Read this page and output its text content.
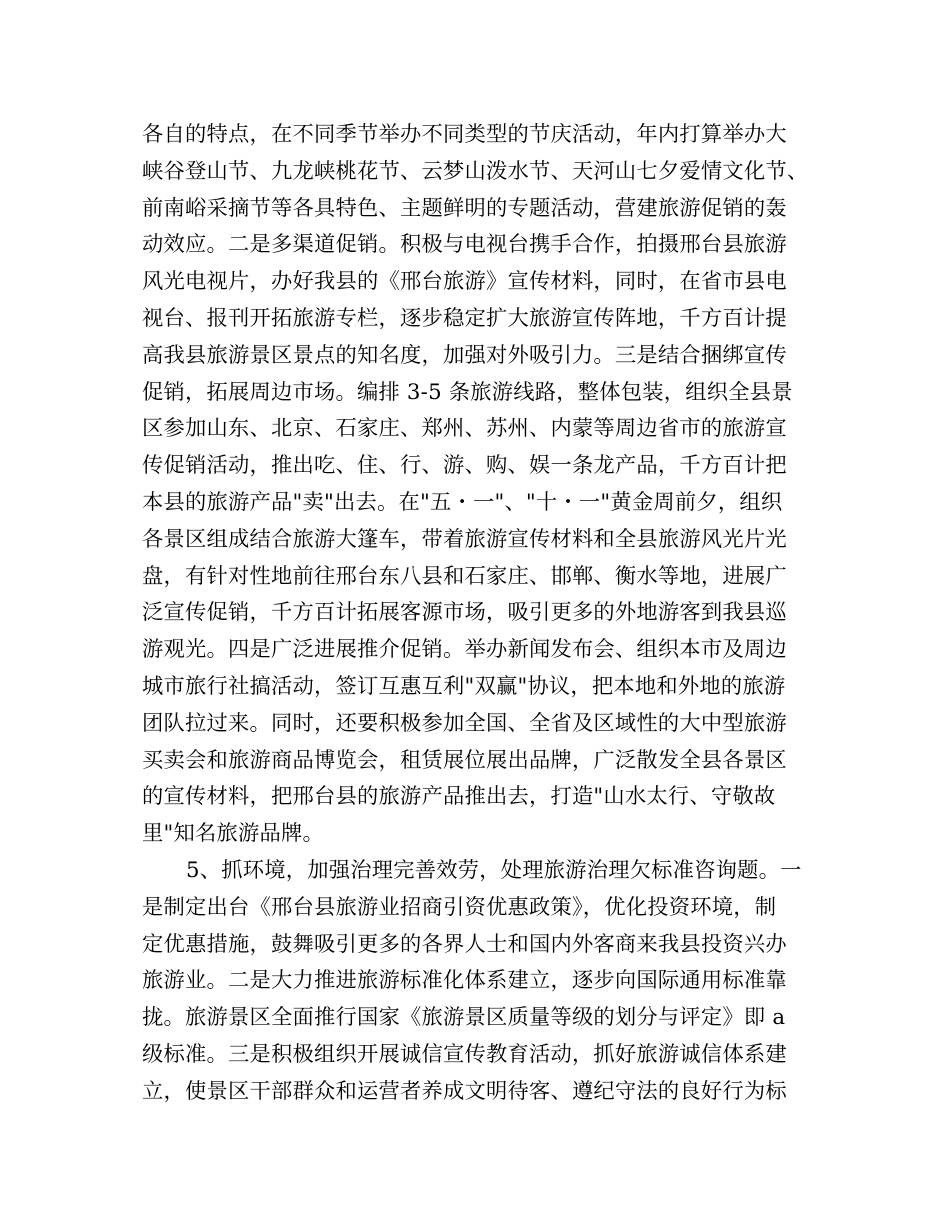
各自的特点，在不同季节举办不同类型的节庆活动，年内打算举办大
峡谷登山节、九龙峡桃花节、云梦山泼水节、天河山七夕爱情文化节、
前南峪采摘节等各具特色、主题鲜明的专题活动，营建旅游促销的轰
动效应。二是多渠道促销。积极与电视台携手合作，拍摄邢台县旅游
风光电视片，办好我县的《邢台旅游》宣传材料，同时，在省市县电
视台、报刊开拓旅游专栏，逐步稳定扩大旅游宣传阵地，千方百计提
高我县旅游景区景点的知名度，加强对外吸引力。三是结合捆绑宣传
促销，拓展周边市场。编排 3-5 条旅游线路，整体包装，组织全县景
区参加山东、北京、石家庄、郑州、苏州、内蒙等周边省市的旅游宣
传促销活动，推出吃、住、行、游、购、娱一条龙产品，千方百计把
本县的旅游产品"卖"出去。在"五・一"、"十・一"黄金周前夕，组织
各景区组成结合旅游大篷车，带着旅游宣传材料和全县旅游风光片光
盘，有针对性地前往邢台东八县和石家庄、邯郸、衡水等地，进展广
泛宣传促销，千方百计拓展客源市场，吸引更多的外地游客到我县巡
游观光。四是广泛进展推介促销。举办新闻发布会、组织本市及周边
城市旅行社搞活动，签订互惠互利"双赢"协议，把本地和外地的旅游
团队拉过来。同时，还要积极参加全国、全省及区域性的大中型旅游
买卖会和旅游商品博览会，租赁展位展出品牌，广泛散发全县各景区
的宣传材料，把邢台县的旅游产品推出去，打造"山水太行、守敬故
里"知名旅游品牌。
5、抓环境，加强治理完善效劳，处理旅游治理欠标准咨询题。一
是制定出台《邢台县旅游业招商引资优惠政策》，优化投资环境，制
定优惠措施，鼓舞吸引更多的各界人士和国内外客商来我县投资兴办
旅游业。二是大力推进旅游标准化体系建立，逐步向国际通用标准靠
拢。旅游景区全面推行国家《旅游景区质量等级的划分与评定》即 a
级标准。三是积极组织开展诚信宣传教育活动，抓好旅游诚信体系建
立，使景区干部群众和运营者养成文明待客、遵纪守法的良好行为标
